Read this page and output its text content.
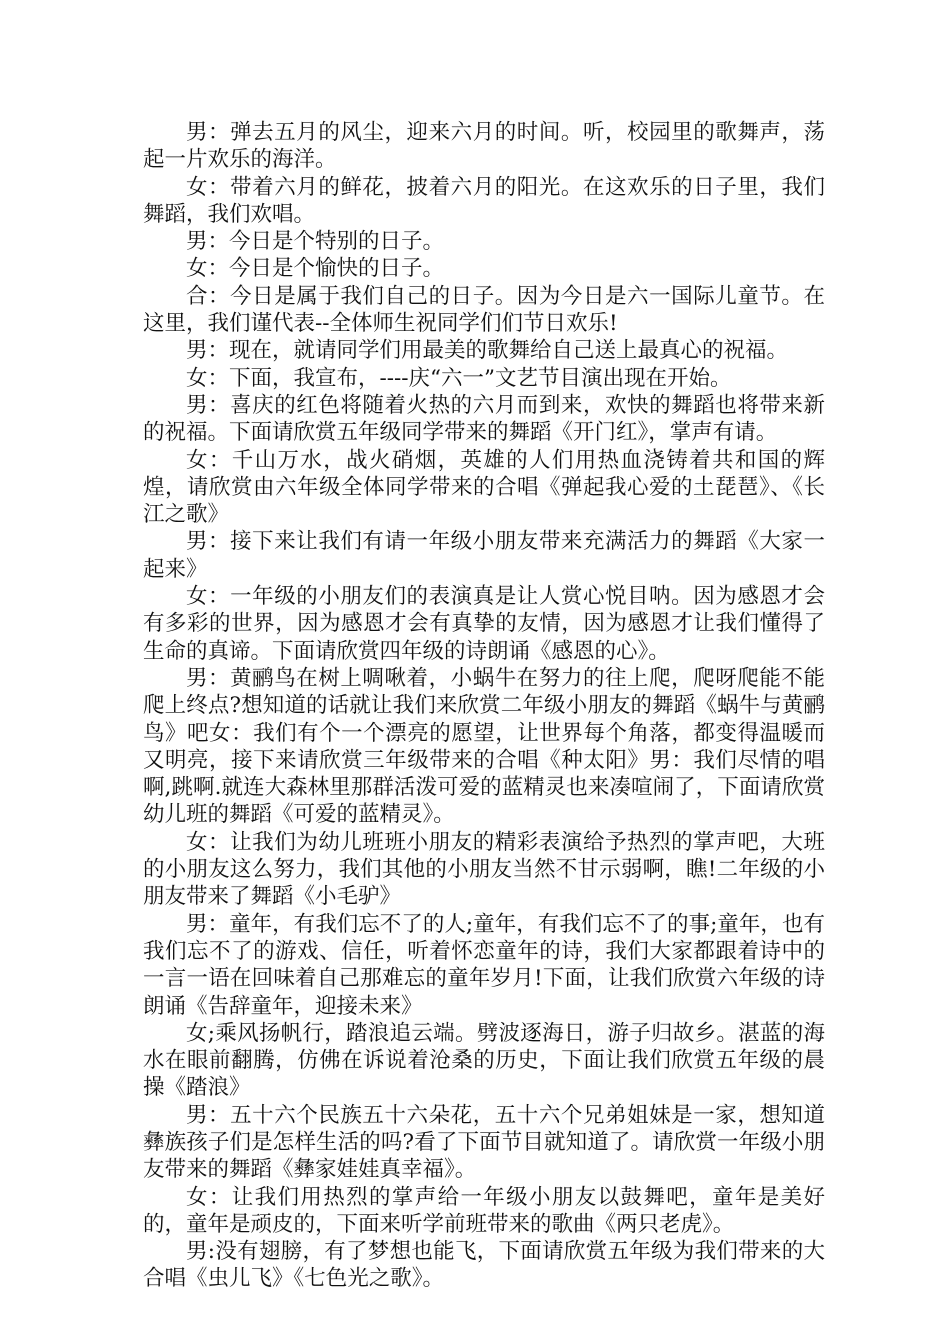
男：弹去五月的风尘，迎来六月的时间。听，校园里的歌舞声，荡起一片欢乐的海洋。

女：带着六月的鲜花，披着六月的阳光。在这欢乐的日子里，我们舞蹈，我们欢唱。

男：今日是个特别的日子。

女：今日是个愉快的日子。

合：今日是属于我们自己的日子。因为今日是六一国际儿童节。在这里，我们谨代表--全体师生祝同学们们节日欢乐!

男：现在，就请同学们用最美的歌舞给自己送上最真心的祝福。

女：下面，我宣布，----庆“六一”文艺节目演出现在开始。

男：喜庆的红色将随着火热的六月而到来，欢快的舞蹈也将带来新的祝福。下面请欣赏五年级同学带来的舞蹈《开门红》，掌声有请。

女：千山万水，战火硝烟，英雄的人们用热血浇铸着共和国的辉煌，请欣赏由六年级全体同学带来的合唱《弹起我心爱的土琵琶》、《长江之歌》

男：接下来让我们有请一年级小朋友带来充满活力的舞蹈《大家一起来》

女：一年级的小朋友们的表演真是让人赏心悦目呐。因为感恩才会有多彩的世界，因为感恩才会有真挚的友情，因为感恩才让我们懂得了生命的真谛。下面请欣赏四年级的诗朗诵《感恩的心》。

男：黄鹂鸟在树上啁啾着，小蜗牛在努力的往上爬，爬呀爬能不能爬上终点?想知道的话就让我们来欣赏二年级小朋友的舞蹈《蜗牛与黄鹂鸟》吧女：我们有个一个漂亮的愿望，让世界每个角落，都变得温暖而又明亮，接下来请欣赏三年级带来的合唱《种太阳》男：我们尽情的唱啊,跳啊.就连大森林里那群活泼可爱的蓝精灵也来凑喧闹了，下面请欣赏幼儿班的舞蹈《可爱的蓝精灵》。

女：让我们为幼儿班班小朋友的精彩表演给予热烈的掌声吧，大班的小朋友这么努力，我们其他的小朋友当然不甘示弱啊，瞧!二年级的小朋友带来了舞蹈《小毛驴》

男：童年，有我们忘不了的人;童年，有我们忘不了的事;童年，也有我们忘不了的游戏、信任，听着怀恋童年的诗，我们大家都跟着诗中的一言一语在回味着自己那难忘的童年岁月!下面，让我们欣赏六年级的诗朗诵《告辞童年，迎接未来》

女;乘风扬帆行，踏浪追云端。劈波逐海日，游子归故乡。湛蓝的海水在眼前翻腾，仿佛在诉说着沧桑的历史，下面让我们欣赏五年级的晨操《踏浪》

男：五十六个民族五十六朵花，五十六个兄弟姐妹是一家，想知道彝族孩子们是怎样生活的吗?看了下面节目就知道了。请欣赏一年级小朋友带来的舞蹈《彝家娃娃真幸福》。

女：让我们用热烈的掌声给一年级小朋友以鼓舞吧，童年是美好的，童年是顽皮的，下面来听学前班带来的歌曲《两只老虎》。

男:没有翅膀，有了梦想也能飞，下面请欣赏五年级为我们带来的大合唱《虫儿飞》《七色光之歌》。
